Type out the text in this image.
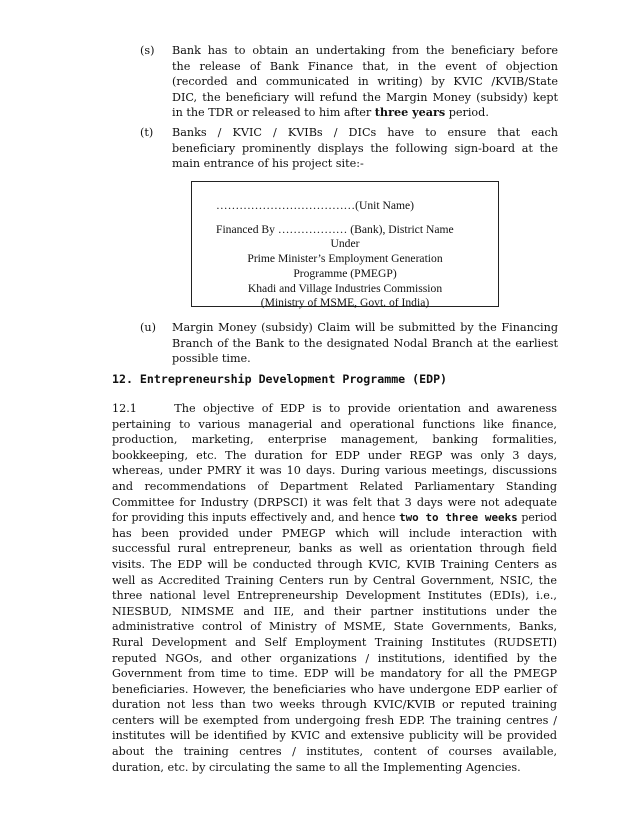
(s) Bank has to obtain an undertaking from the beneficiary before
the release of Bank Finance that, in the event of objection
(recorded and communicated in writing) by KVIC /KVIB/State
DIC, the beneficiary will refund the Margin Money (subsidy) kept
in the TDR or released to him after three years period.
(t) Banks / KVIC / KVIBs / DICs have to ensure that each
beneficiary prominently displays the following sign-board at the
main entrance of his project site:-
………………………………(Unit Name)
Financed By ……………… (Bank), District Name
Under
Prime Minister’s Employment Generation
Programme (PMEGP)
Khadi and Village Industries Commission
(Ministry of MSME, Govt. of India)
(u) Margin Money (subsidy) Claim will be submitted by the Financing
Branch of the Bank to the designated Nodal Branch at the earliest
possible time.
12. Entrepreneurship Development Programme (EDP)
12.1     The objective of EDP is to provide orientation and awareness
pertaining to various managerial and operational functions like finance,
production, marketing, enterprise management, banking formalities,
bookkeeping, etc. The duration for EDP under REGP was only 3 days,
whereas, under PMRY it was 10 days. During various meetings, discussions
and recommendations of Department Related Parliamentary Standing
Committee for Industry (DRPSCI) it was felt that 3 days were not adequate
for providing this inputs effectively and, and hence two to three weeks period
has been provided under PMEGP which will include interaction with
successful rural entrepreneur, banks as well as orientation through field
visits. The EDP will be conducted through KVIC, KVIB Training Centers as
well as Accredited Training Centers run by Central Government, NSIC, the
three national level Entrepreneurship Development Institutes (EDIs), i.e.,
NIESBUD, NIMSME and IIE, and their partner institutions under the
administrative control of Ministry of MSME, State Governments, Banks,
Rural Development and Self Employment Training Institutes (RUDSETI)
reputed NGOs, and other organizations / institutions, identified by the
Government from time to time. EDP will be mandatory for all the PMEGP
beneficiaries. However, the beneficiaries who have undergone EDP earlier of
duration not less than two weeks through KVIC/KVIB or reputed training
centers will be exempted from undergoing fresh EDP. The training centres /
institutes will be identified by KVIC and extensive publicity will be provided
about the training centres / institutes, content of courses available,
duration, etc. by circulating the same to all the Implementing Agencies.
